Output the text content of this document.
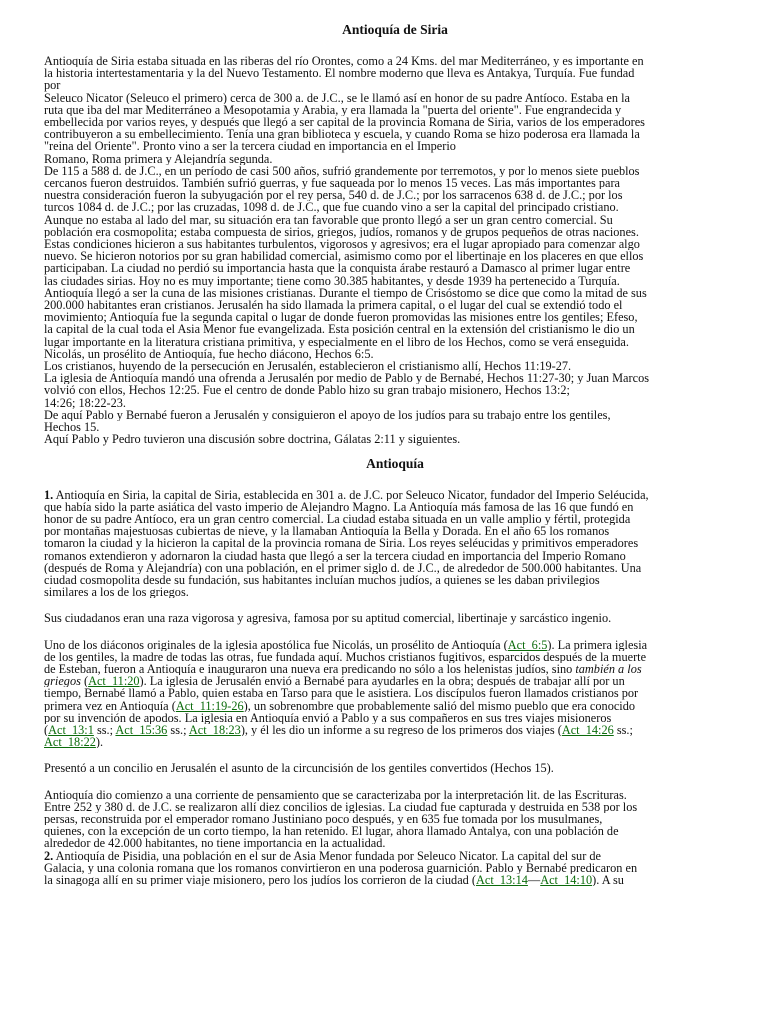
Antioquía de Siria
Antioquía de Siria estaba situada en las riberas del río Orontes, como a 24 Kms. del mar Mediterráneo, y es importante en
la historia intertestamentaria y la del Nuevo Testamento. El nombre moderno que lleva es Antakya, Turquía. Fue fundad
por
Seleuco Nicator (Seleuco el primero) cerca de 300 a. de J.C., se le llamó así en honor de su padre Antíoco. Estaba en la
ruta que iba del mar Mediterráneo a Mesopotamia y Arabia, y era llamada la "puerta del oriente". Fue engrandecida y
embellecida por varios reyes, y después que llegó a ser capital de la provincia Romana de Siria, varios de los emperadores
contribuyeron a su embellecimiento. Tenía una gran biblioteca y escuela, y cuando Roma se hizo poderosa era llamada la
"reina del Oriente". Pronto vino a ser la tercera ciudad en importancia en el Imperio
Romano, Roma primera y Alejandría segunda.
De 115 a 588 d. de J.C., en un período de casi 500 años, sufrió grandemente por terremotos, y por lo menos siete pueblos
cercanos fueron destruidos. También sufrió guerras, y fue saqueada por lo menos 15 veces. Las más importantes para
nuestra consideración fueron la subyugación por el rey persa, 540 d. de J.C.; por los sarracenos 638 d. de J.C.; por los
turcos 1084 d. de J.C.; por las cruzadas, 1098 d. de J.C., que fue cuando vino a ser la capital del principado cristiano.
Aunque no estaba al lado del mar, su situación era tan favorable que pronto llegó a ser un gran centro comercial. Su
población era cosmopolita; estaba compuesta de sirios, griegos, judíos, romanos y de grupos pequeños de otras naciones.
Estas condiciones hicieron a sus habitantes turbulentos, vigorosos y agresivos; era el lugar apropiado para comenzar algo
nuevo. Se hicieron notorios por su gran habilidad comercial, asimismo como por el libertinaje en los placeres en que ellos
participaban. La ciudad no perdió su importancia hasta que la conquista árabe restauró a Damasco al primer lugar entre
las ciudades sirias. Hoy no es muy importante; tiene como 30.385 habitantes, y desde 1939 ha pertenecido a Turquía.
Antioquía llegó a ser la cuna de las misiones cristianas. Durante el tiempo de Crisóstomo se dice que como la mitad de sus
200.000 habitantes eran cristianos. Jerusalén ha sido llamada la primera capital, o el lugar del cual se extendió todo el
movimiento; Antioquía fue la segunda capital o lugar de donde fueron promovidas las misiones entre los gentiles; Efeso,
la capital de la cual toda el Asia Menor fue evangelizada. Esta posición central en la extensión del cristianismo le dio un
lugar importante en la literatura cristiana primitiva, y especialmente en el libro de los Hechos, como se verá enseguida.
Nicolás, un prosélito de Antioquía, fue hecho diácono, Hechos 6:5.
Los cristianos, huyendo de la persecución en Jerusalén, establecieron el cristianismo allí, Hechos 11:19-27.
La iglesia de Antioquía mandó una ofrenda a Jerusalén por medio de Pablo y de Bernabé, Hechos 11:27-30; y Juan Marcos
volvió con ellos, Hechos 12:25. Fue el centro de donde Pablo hizo su gran trabajo misionero, Hechos 13:2;
14:26; 18:22-23.
De aquí Pablo y Bernabé fueron a Jerusalén y consiguieron el apoyo de los judíos para su trabajo entre los gentiles,
Hechos 15.
Aquí Pablo y Pedro tuvieron una discusión sobre doctrina, Gálatas 2:11 y siguientes.
Antioquía
1. Antioquía en Siria, la capital de Siria, establecida en 301 a. de J.C. por Seleuco Nicator, fundador del Imperio Seléucida,
que había sido la parte asiática del vasto imperio de Alejandro Magno. La Antioquía más famosa de las 16 que fundó en
honor de su padre Antíoco, era un gran centro comercial. La ciudad estaba situada en un valle amplio y fértil, protegida
por montañas majestuosas cubiertas de nieve, y la llamaban Antioquía la Bella y Dorada. En el año 65 los romanos
tomaron la ciudad y la hicieron la capital de la provincia romana de Siria. Los reyes seléucidas y primitivos emperadores
romanos extendieron y adornaron la ciudad hasta que llegó a ser la tercera ciudad en importancia del Imperio Romano
(después de Roma y Alejandría) con una población, en el primer siglo d. de J.C., de alrededor de 500.000 habitantes. Una
ciudad cosmopolita desde su fundación, sus habitantes incluían muchos judíos, a quienes se les daban privilegios
similares a los de los griegos.
Sus ciudadanos eran una raza vigorosa y agresiva, famosa por su aptitud comercial, libertinaje y sarcástico ingenio.
Uno de los diáconos originales de la iglesia apostólica fue Nicolás, un prosélito de Antioquía (Act_6:5). La primera iglesia
de los gentiles, la madre de todas las otras, fue fundada aquí. Muchos cristianos fugitivos, esparcidos después de la muerte
de Esteban, fueron a Antioquía e inauguraron una nueva era predicando no sólo a los helenistas judíos, sino también a los
griegos (Act_11:20). La iglesia de Jerusalén envió a Bernabé para ayudarles en la obra; después de trabajar allí por un
tiempo, Bernabé llamó a Pablo, quien estaba en Tarso para que le asistiera. Los discípulos fueron llamados cristianos por
primera vez en Antioquía (Act_11:19-26), un sobrenombre que probablemente salió del mismo pueblo que era conocido
por su invención de apodos. La iglesia en Antioquía envió a Pablo y a sus compañeros en sus tres viajes misioneros
(Act_13:1 ss.; Act_15:36 ss.; Act_18:23), y él les dio un informe a su regreso de los primeros dos viajes (Act_14:26 ss.;
Act_18:22).
Presentó a un concilio en Jerusalén el asunto de la circuncisión de los gentiles convertidos (Hechos 15).
Antioquía dio comienzo a una corriente de pensamiento que se caracterizaba por la interpretación lit. de las Escrituras.
Entre 252 y 380 d. de J.C. se realizaron allí diez concilios de iglesias. La ciudad fue capturada y destruida en 538 por los
persas, reconstruida por el emperador romano Justiniano poco después, y en 635 fue tomada por los musulmanes,
quienes, con la excepción de un corto tiempo, la han retenido. El lugar, ahora llamado Antalya, con una población de
alrededor de 42.000 habitantes, no tiene importancia en la actualidad.
2. Antioquía de Pisidia, una población en el sur de Asia Menor fundada por Seleuco Nicator. La capital del sur de
Galacia, y una colonia romana que los romanos convirtieron en una poderosa guarnición. Pablo y Bernabé predicaron en
la sinagoga allí en su primer viaje misionero, pero los judíos los corrieron de la ciudad (Act_13:14—Act_14:10). A su
